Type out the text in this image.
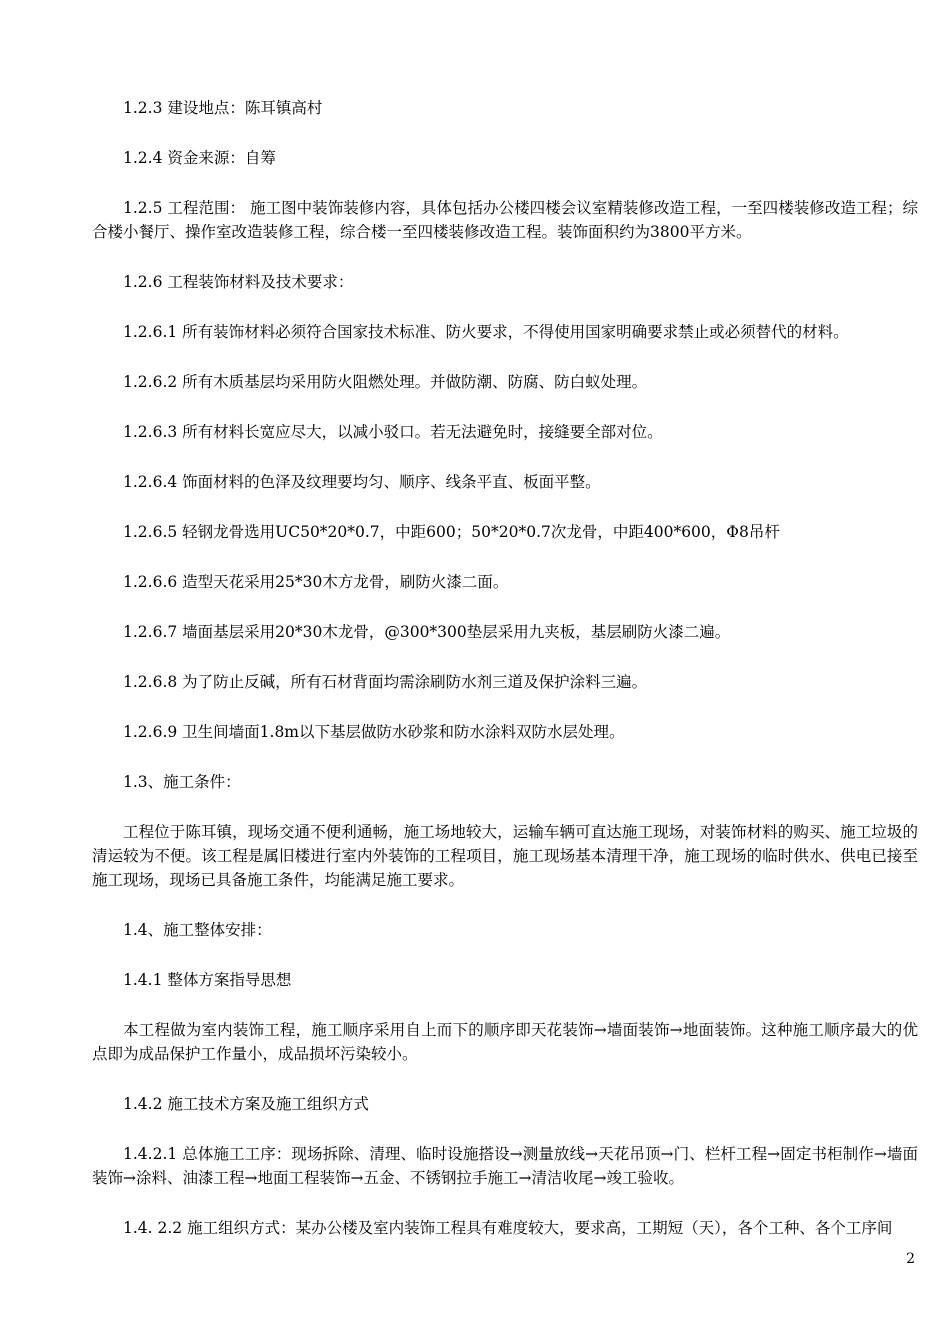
1.2.3 建设地点：陈耳镇高村

1.2.4 资金来源：自筹

1.2.5 工程范围： 施工图中装饰装修内容，具体包括办公楼四楼会议室精装修改造工程，一至四楼装修改造工程；综合楼小餐厅、操作室改造装修工程，综合楼一至四楼装修改造工程。装饰面积约为3800平方米。

1.2.6 工程装饰材料及技术要求：

1.2.6.1 所有装饰材料必须符合国家技术标准、防火要求，不得使用国家明确要求禁止或必须替代的材料。

1.2.6.2 所有木质基层均采用防火阻燃处理。并做防潮、防腐、防白蚁处理。

1.2.6.3 所有材料长宽应尽大，以减小驳口。若无法避免时，接缝要全部对位。

1.2.6.4 饰面材料的色泽及纹理要均匀、顺序、线条平直、板面平整。

1.2.6.5 轻钢龙骨选用UC50*20*0.7，中距600；50*20*0.7次龙骨，中距400*600，Φ8吊杆

1.2.6.6 造型天花采用25*30木方龙骨，刷防火漆二面。

1.2.6.7 墙面基层采用20*30木龙骨，@300*300垫层采用九夹板，基层刷防火漆二遍。

1.2.6.8 为了防止反碱，所有石材背面均需涂刷防水剂三道及保护涂料三遍。

1.2.6.9 卫生间墙面1.8m以下基层做防水砂浆和防水涂料双防水层处理。

1.3、施工条件：

工程位于陈耳镇，现场交通不便利通畅，施工场地较大，运输车辆可直达施工现场，对装饰材料的购买、施工垃圾的清运较为不便。该工程是属旧楼进行室内外装饰的工程项目，施工现场基本清理干净，施工现场的临时供水、供电已接至施工现场，现场已具备施工条件，均能满足施工要求。

1.4、施工整体安排：

1.4.1 整体方案指导思想

本工程做为室内装饰工程，施工顺序采用自上而下的顺序即天花装饰→墙面装饰→地面装饰。这种施工顺序最大的优点即为成品保护工作量小，成品损坏污染较小。

1.4.2 施工技术方案及施工组织方式

1.4.2.1 总体施工工序：现场拆除、清理、临时设施搭设→测量放线→天花吊顶→门、栏杆工程→固定书柜制作→墙面装饰→涂料、油漆工程→地面工程装饰→五金、不锈钢拉手施工→清洁收尾→竣工验收。

1.4. 2.2 施工组织方式：某办公楼及室内装饰工程具有难度较大，要求高，工期短（天），各个工种、各个工序间

2
